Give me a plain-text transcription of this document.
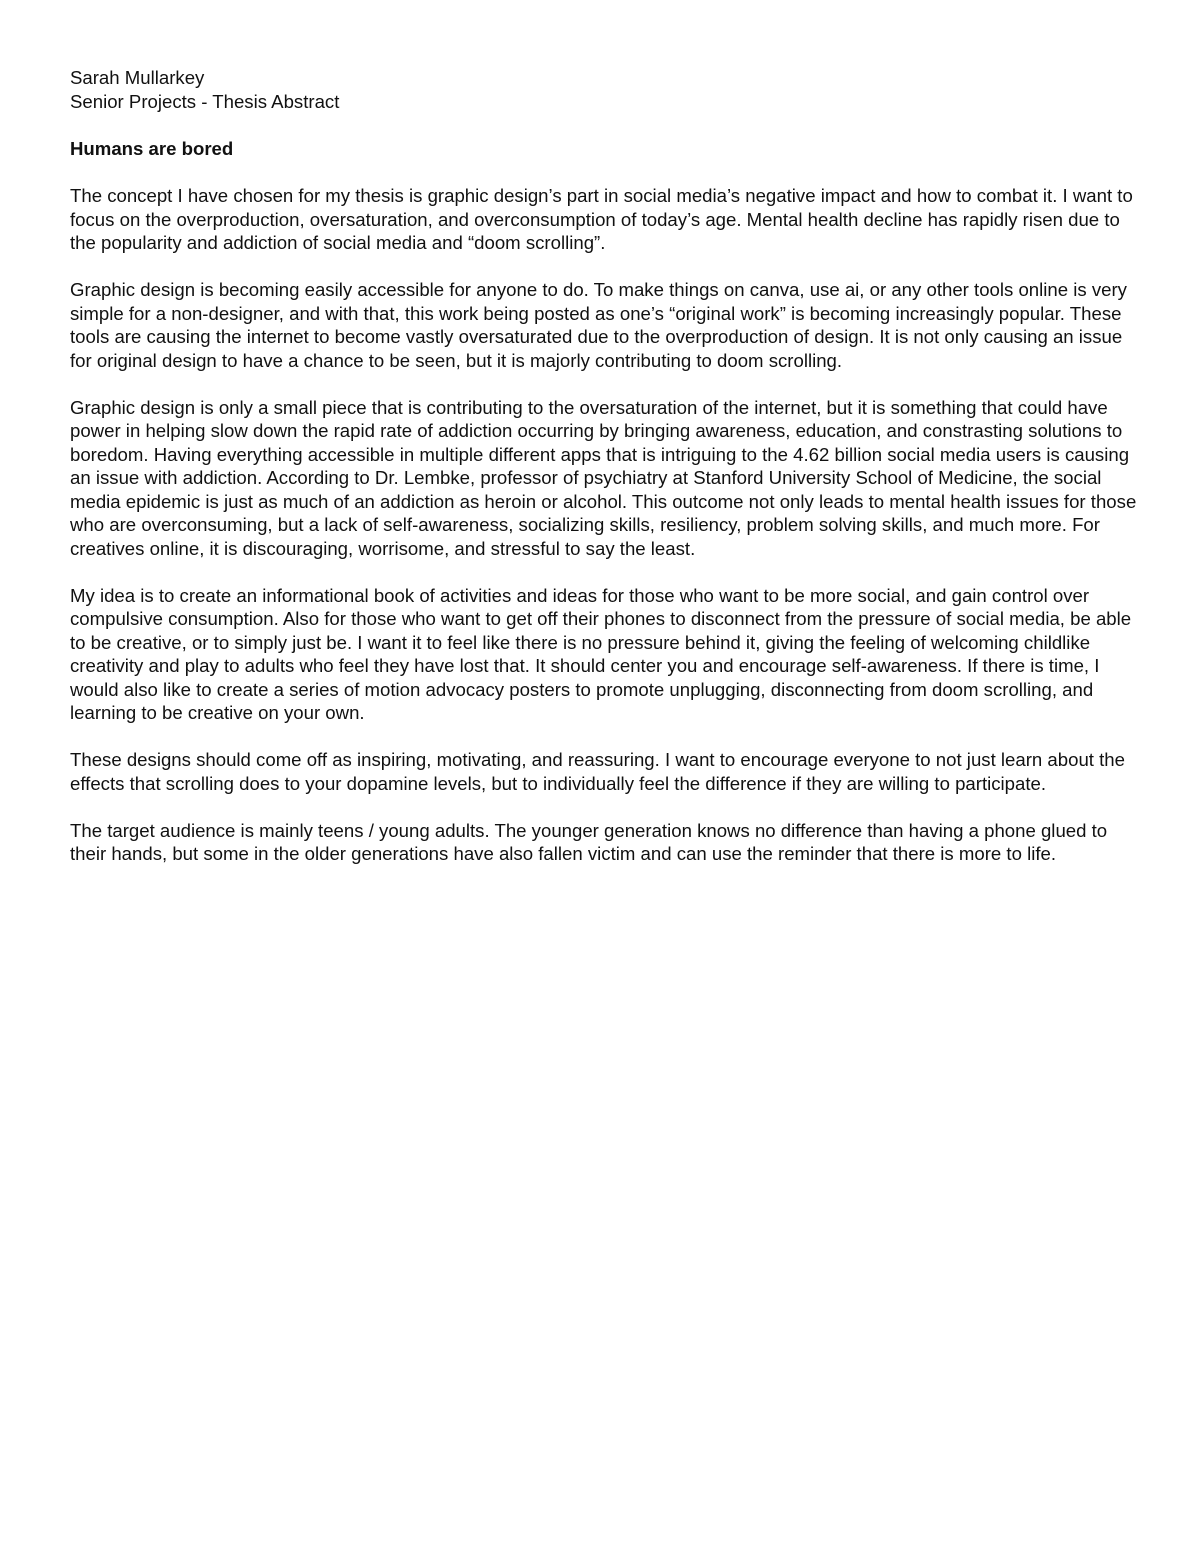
Sarah Mullarkey
Senior Projects - Thesis Abstract

Humans are bored

The concept I have chosen for my thesis is graphic design’s part in social media’s negative impact and how to combat it. I want to focus on the overproduction, oversaturation, and overconsumption of today’s age. Mental health decline has rapidly risen due to the popularity and addiction of social media and “doom scrolling”.

Graphic design is becoming easily accessible for anyone to do. To make things on canva, use ai, or any other tools online is very simple for a non-designer, and with that, this work being posted as one’s “original work” is becoming increasingly popular. These tools are causing the internet to become vastly oversaturated due to the overproduction of design. It is not only causing an issue for original design to have a chance to be seen, but it is majorly contributing to doom scrolling.

Graphic design is only a small piece that is contributing to the oversaturation of the internet, but it is something that could have power in helping slow down the rapid rate of addiction occurring by bringing awareness, education, and constrasting solutions to boredom. Having everything accessible in multiple different apps that is intriguing to the 4.62 billion social media users is causing an issue with addiction. According to Dr. Lembke, professor of psychiatry at Stanford University School of Medicine, the social media epidemic is just as much of an addiction as heroin or alcohol. This outcome not only leads to mental health issues for those who are overconsuming, but a lack of self-awareness, socializing skills, resiliency, problem solving skills, and much more. For creatives online, it is discouraging, worrisome, and stressful to say the least.

My idea is to create an informational book of activities and ideas for those who want to be more social, and gain control over compulsive consumption. Also for those who want to get off their phones to disconnect from the pressure of social media, be able to be creative, or to simply just be. I want it to feel like there is no pressure behind it, giving the feeling of welcoming childlike creativity and play to adults who feel they have lost that. It should center you and encourage self-awareness. If there is time, I would also like to create a series of motion advocacy posters to promote unplugging, disconnecting from doom scrolling, and learning to be creative on your own.

These designs should come off as inspiring, motivating, and reassuring. I want to encourage everyone to not just learn about the effects that scrolling does to your dopamine levels, but to individually feel the difference if they are willing to participate.

The target audience is mainly teens / young adults. The younger generation knows no difference than having a phone glued to their hands, but some in the older generations have also fallen victim and can use the reminder that there is more to life.
